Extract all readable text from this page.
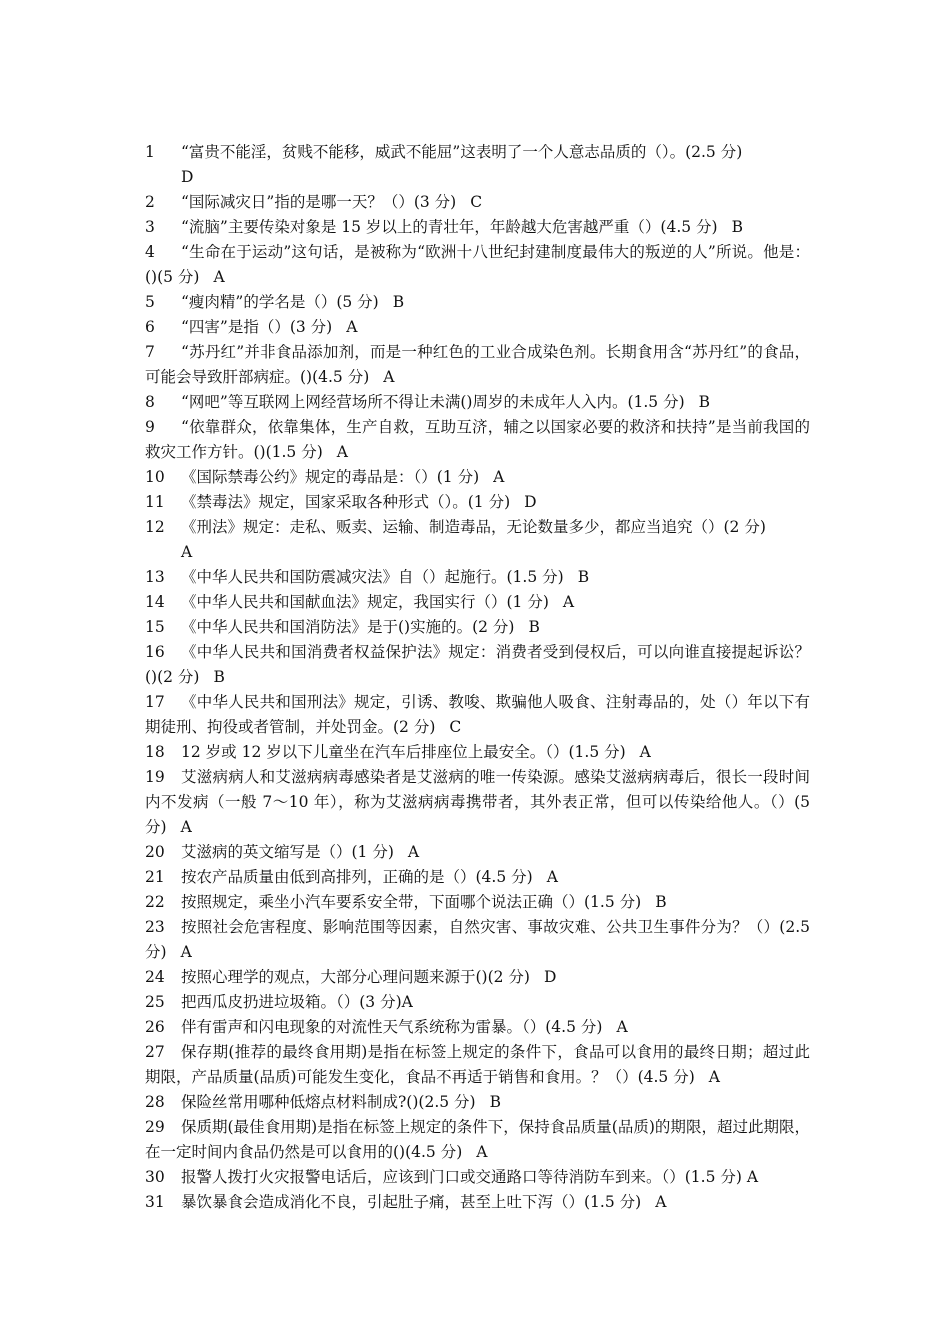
1	“富贵不能淫，贫贱不能移，威武不能屈”这表明了一个人意志品质的（）。(2.5 分)
D
2	“国际减灾日”指的是哪一天？（）(3 分) C
3	“流脑”主要传染对象是 15 岁以上的青壮年，年龄越大危害越严重（）(4.5 分) B
4	“生命在于运动”这句话，是被称为“欧洲十八世纪封建制度最伟大的叛逆的人”所说。他是：()(5 分) A
5	“瘦肉精”的学名是（）(5 分) B
6	“四害”是指（）(3 分) A
7	“苏丹红”并非食品添加剂，而是一种红色的工业合成染色剂。长期食用含“苏丹红”的食品，可能会导致肝部病症。()(4.5 分) A
8	“网吧”等互联网上网经营场所不得让未满()周岁的未成年人入内。(1.5 分) B
9	“依靠群众，依靠集体，生产自救，互助互济，辅之以国家必要的救济和扶持”是当前我国的救灾工作方针。()(1.5 分) A
10	《国际禁毒公约》规定的毒品是：（）(1 分) A
11	《禁毒法》规定，国家采取各种形式（）。(1 分) D
12	《刑法》规定：走私、贩卖、运输、制造毒品，无论数量多少，都应当追究（）(2 分)
A
13	《中华人民共和国防震减灾法》自（）起施行。(1.5 分) B
14	《中华人民共和国献血法》规定，我国实行（）(1 分) A
15	《中华人民共和国消防法》是于()实施的。(2 分) B
16	《中华人民共和国消费者权益保护法》规定：消费者受到侵权后，可以向谁直接提起诉讼？()(2 分) B
17	《中华人民共和国刑法》规定，引诱、教唆、欺骗他人吸食、注射毒品的，处（）年以下有期徒刑、拘役或者管制，并处罚金。(2 分) C
18	12 岁或 12 岁以下儿童坐在汽车后排座位上最安全。（）(1.5 分) A
19	艾滋病病人和艾滋病病毒感染者是艾滋病的唯一传染源。感染艾滋病病毒后，很长一段时间内不发病（一般 7～10 年），称为艾滋病病毒携带者，其外表正常，但可以传染给他人。（）(5 分) A
20	艾滋病的英文缩写是（）(1 分) A
21	按农产品质量由低到高排列，正确的是（）(4.5 分) A
22	按照规定，乘坐小汽车要系安全带，下面哪个说法正确（）(1.5 分) B
23	按照社会危害程度、影响范围等因素，自然灾害、事故灾难、公共卫生事件分为？（）(2.5 分) A
24	按照心理学的观点，大部分心理问题来源于()(2 分) D
25	把西瓜皮扔进垃圾箱。（）(3 分)A
26	伴有雷声和闪电现象的对流性天气系统称为雷暴。（）(4.5 分) A
27	保存期(推荐的最终食用期)是指在标签上规定的条件下，食品可以食用的最终日期；超过此期限，产品质量(品质)可能发生变化，食品不再适于销售和食用。？（）(4.5 分) A
28	保险丝常用哪种低熔点材料制成?()(2.5 分) B
29	保质期(最佳食用期)是指在标签上规定的条件下，保持食品质量(品质)的期限，超过此期限，在一定时间内食品仍然是可以食用的()(4.5 分) A
30	报警人拨打火灾报警电话后，应该到门口或交通路口等待消防车到来。（）(1.5 分) A
31	暴饮暴食会造成消化不良，引起肚子痛，甚至上吐下泻（）(1.5 分) A
